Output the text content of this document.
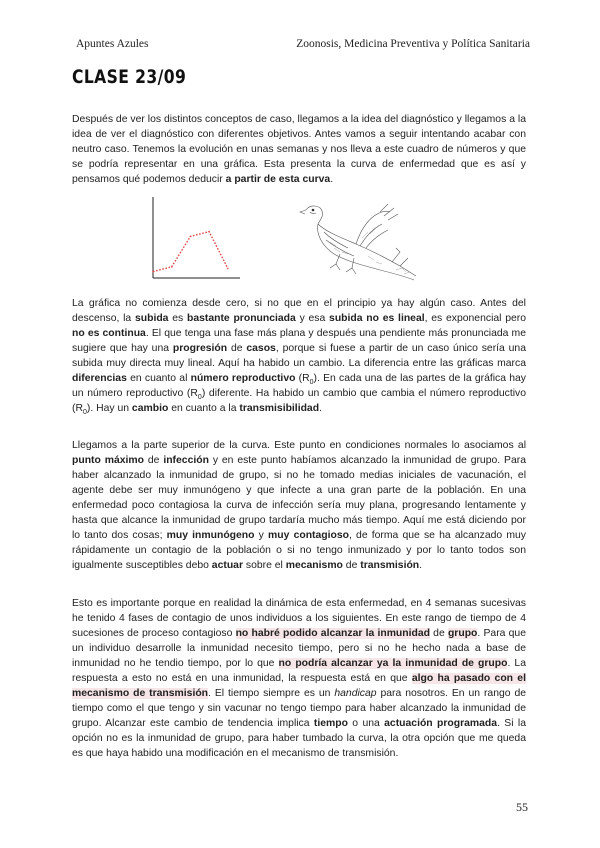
Apuntes Azules	Zoonosis, Medicina Preventiva y Política Sanitaria
CLASE 23/09

Después de ver los distintos conceptos de caso, llegamos a la idea del diagnóstico y llegamos a la idea de ver el diagnóstico con diferentes objetivos. Antes vamos a seguir intentando acabar con neutro caso. Tenemos la evolución en unas semanas y nos lleva a este cuadro de números y que se podría representar en una gráfica. Esta presenta la curva de enfermedad que es así y pensamos qué podemos deducir a partir de esta curva.

La gráfica no comienza desde cero, si no que en el principio ya hay algún caso. Antes del descenso, la subida es bastante pronunciada y esa subida no es lineal, es exponencial pero no es continua. El que tenga una fase más plana y después una pendiente más pronunciada me sugiere que hay una progresión de casos, porque si fuese a partir de un caso único sería una subida muy directa muy lineal. Aquí ha habido un cambio. La diferencia entre las gráficas marca diferencias en cuanto al número reproductivo $(R_0)$. En cada una de las partes de la gráfica hay un número reproductivo $(R_0)$ diferente. Ha habido un cambio que cambia el número reproductivo $(R_0)$. Hay un cambio en cuanto a la transmisibilidad.

Llegamos a la parte superior de la curva. Este punto en condiciones normales lo asociamos al punto máximo de infección y en este punto habíamos alcanzado la inmunidad de grupo. Para haber alcanzado la inmunidad de grupo, si no he tomado medias iniciales de vacunación, el agente debe ser muy inmunógeno y que infecte a una gran parte de la población. En una enfermedad poco contagiosa la curva de infección sería muy plana, progresando lentamente y hasta que alcance la inmunidad de grupo tardaría mucho más tiempo. Aquí me está diciendo por lo tanto dos cosas; muy inmunógeno y muy contagioso, de forma que se ha alcanzado muy rápidamente un contagio de la población o si no tengo inmunizado y por lo tanto todos son igualmente susceptibles debo actuar sobre el mecanismo de transmisión.

Esto es importante porque en realidad la dinámica de esta enfermedad, en 4 semanas sucesivas he tenido 4 fases de contagio de unos individuos a los siguientes. En este rango de tiempo de 4 sucesiones de proceso contagioso no habré podido alcanzar la inmunidad de grupo. Para que un individuo desarrolle la inmunidad necesito tiempo, pero si no he hecho nada a base de inmunidad no he tendio tiempo, por lo que no podría alcanzar ya la inmunidad de grupo. La respuesta a esto no está en una inmunidad, la respuesta está en que algo ha pasado con el mecanismo de transmisión. El tiempo siempre es un handicap para nosotros. En un rango de tiempo como el que tengo y sin vacunar no tengo tiempo para haber alcanzado la inmunidad de grupo. Alcanzar este cambio de tendencia implica tiempo o una actuación programada. Si la opción no es la inmunidad de grupo, para haber tumbado la curva, la otra opción que me queda es que haya habido una modificación en el mecanismo de transmisión.

55
